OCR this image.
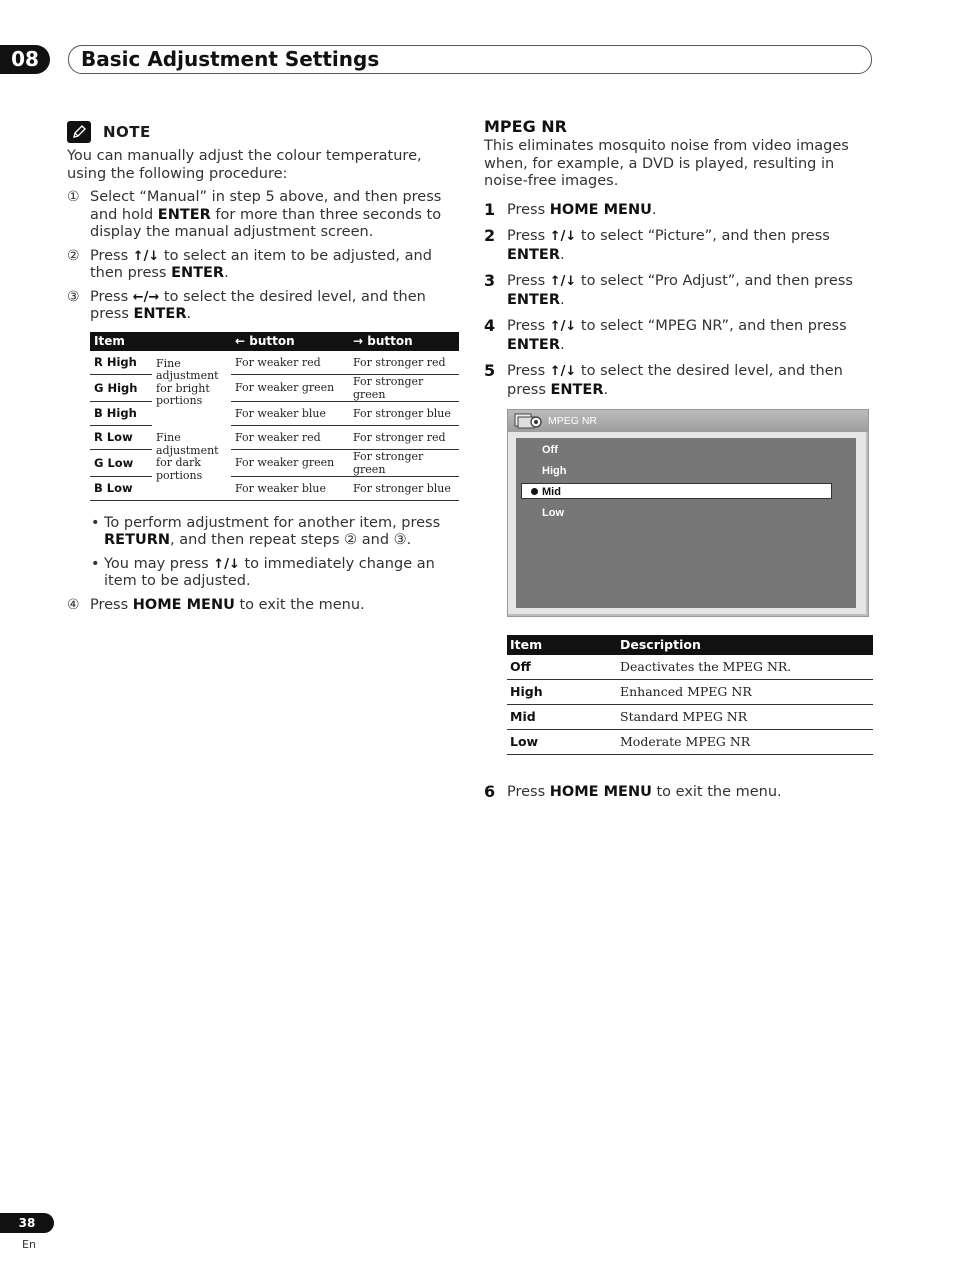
08	Basic Adjustment Settings
NOTE

You can manually adjust the colour temperature, using the following procedure:

① Select “Manual” in step 5 above, and then press and hold ENTER for more than three seconds to display the manual adjustment screen.

② Press ↑/↓ to select an item to be adjusted, and then press ENTER.

③ Press ←/→ to select the desired level, and then press ENTER.

Item		← button	→ button
R High	Fine adjustment for bright portions	For weaker red	For stronger red
G High		For weaker green	For stronger green
B High		For weaker blue	For stronger blue
R Low	Fine adjustment for dark portions	For weaker red	For stronger red
G Low		For weaker green	For stronger green
B Low		For weaker blue	For stronger blue
• To perform adjustment for another item, press RETURN, and then repeat steps ② and ③.

• You may press ↑/↓ to immediately change an item to be adjusted.

④ Press HOME MENU to exit the menu.

MPEG NR

This eliminates mosquito noise from video images when, for example, a DVD is played, resulting in noise-free images.

1 Press HOME MENU.

2 Press ↑/↓ to select “Picture”, and then press ENTER.

3 Press ↑/↓ to select “Pro Adjust”, and then press ENTER.

4 Press ↑/↓ to select “MPEG NR”, and then press ENTER.

5 Press ↑/↓ to select the desired level, and then press ENTER.

MPEG NR
Off
High
Mid
Low
Item	Description
Off	Deactivates the MPEG NR.
High	Enhanced MPEG NR
Mid	Standard MPEG NR
Low	Moderate MPEG NR
6 Press HOME MENU to exit the menu.

38
En
